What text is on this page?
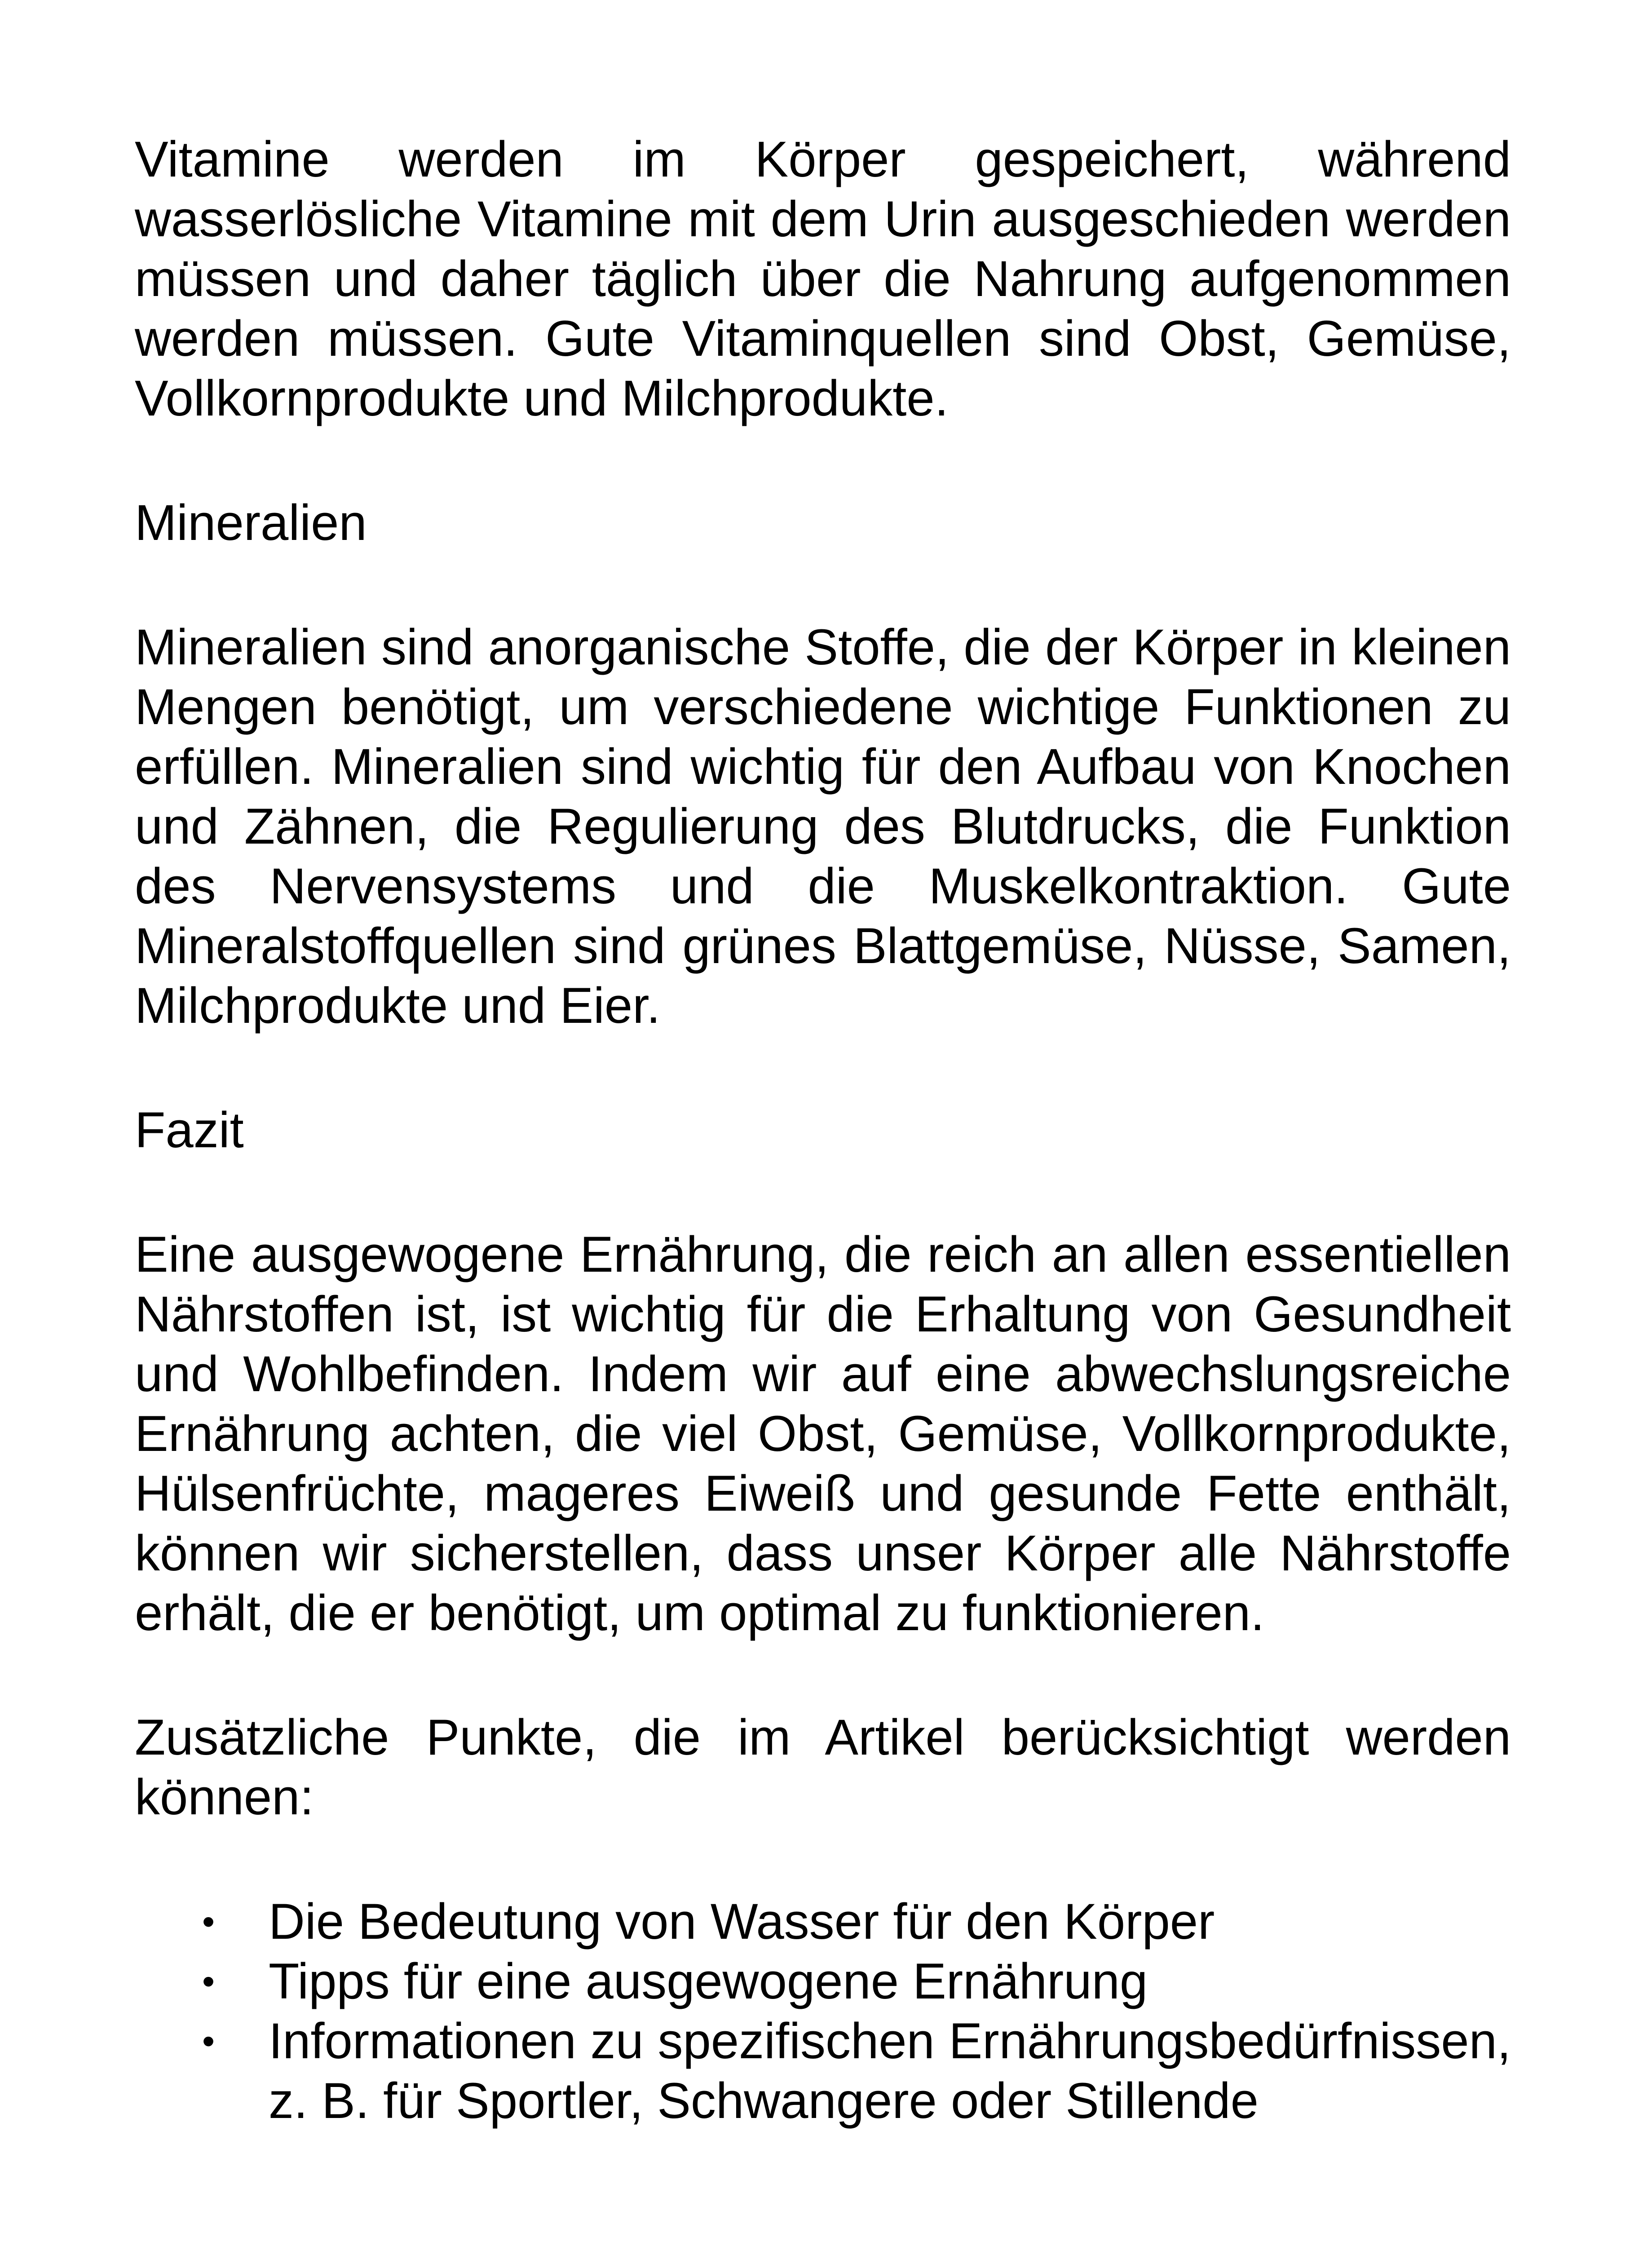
Vitamine werden im Körper gespeichert, während wasserlösliche Vitamine mit dem Urin ausgeschieden werden müssen und daher täglich über die Nahrung aufgenommen werden müssen. Gute Vitaminquellen sind Obst, Gemüse, Vollkornprodukte und Milchprodukte.

Mineralien

Mineralien sind anorganische Stoffe, die der Körper in kleinen Mengen benötigt, um verschiedene wichtige Funktionen zu erfüllen. Mineralien sind wichtig für den Aufbau von Knochen und Zähnen, die Regulierung des Blutdrucks, die Funktion des Nervensystems und die Muskelkontraktion. Gute Mineralstoffquellen sind grünes Blattgemüse, Nüsse, Samen, Milchprodukte und Eier.

Fazit

Eine ausgewogene Ernährung, die reich an allen essentiellen Nährstoffen ist, ist wichtig für die Erhaltung von Gesundheit und Wohlbefinden. Indem wir auf eine abwechslungsreiche Ernährung achten, die viel Obst, Gemüse, Vollkornprodukte, Hülsenfrüchte, mageres Eiweiß und gesunde Fette enthält, können wir sicherstellen, dass unser Körper alle Nährstoffe erhält, die er benötigt, um optimal zu funktionieren.

Zusätzliche Punkte, die im Artikel berücksichtigt werden können:

• Die Bedeutung von Wasser für den Körper
• Tipps für eine ausgewogene Ernährung
• Informationen zu spezifischen Ernährungsbedürfnissen, z. B. für Sportler, Schwangere oder Stillende
